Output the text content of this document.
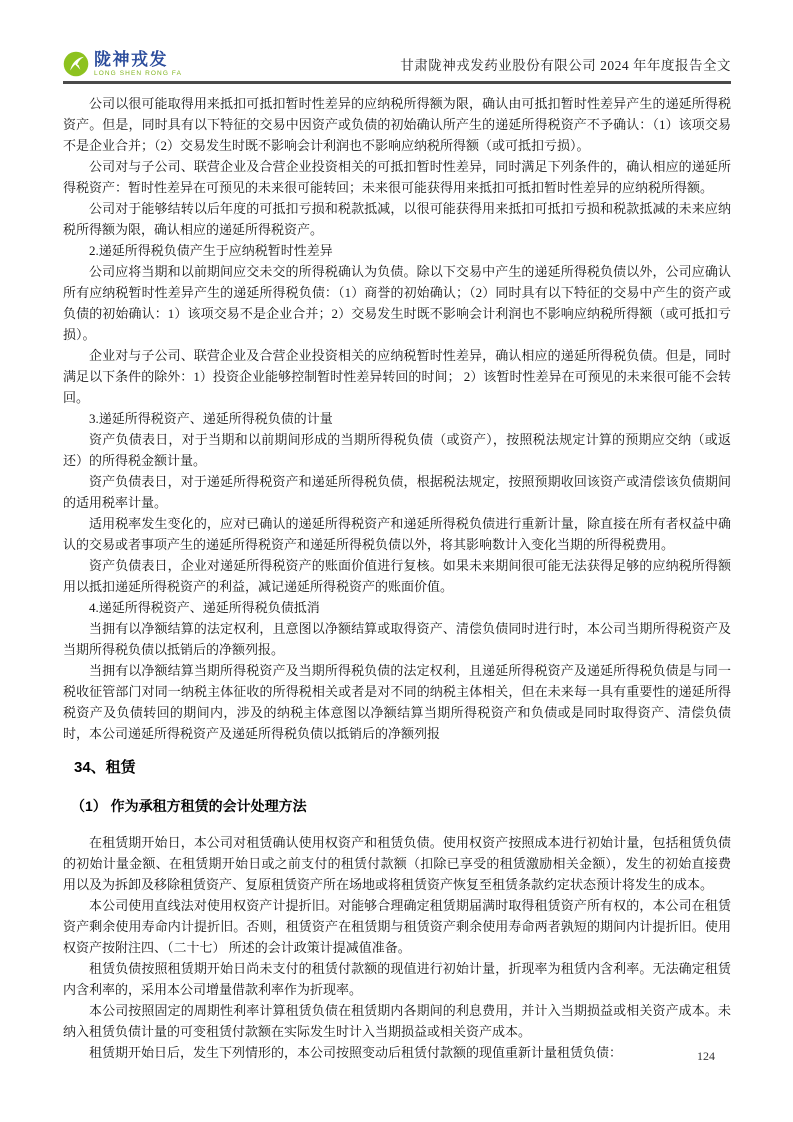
陇神戎发
LONG SHEN RONG FA	甘肃陇神戎发药业股份有限公司 2024 年年度报告全文

公司以很可能取得用来抵扣可抵扣暂时性差异的应纳税所得额为限，确认由可抵扣暂时性差异产生的递延所得税资产。但是，同时具有以下特征的交易中因资产或负债的初始确认所产生的递延所得税资产不予确认：（1）该项交易不是企业合并；（2）交易发生时既不影响会计利润也不影响应纳税所得额（或可抵扣亏损）。

公司对与子公司、联营企业及合营企业投资相关的可抵扣暂时性差异，同时满足下列条件的，确认相应的递延所得税资产：暂时性差异在可预见的未来很可能转回；未来很可能获得用来抵扣可抵扣暂时性差异的应纳税所得额。

公司对于能够结转以后年度的可抵扣亏损和税款抵减，以很可能获得用来抵扣可抵扣亏损和税款抵减的未来应纳税所得额为限，确认相应的递延所得税资产。

2.递延所得税负债产生于应纳税暂时性差异

公司应将当期和以前期间应交未交的所得税确认为负债。除以下交易中产生的递延所得税负债以外，公司应确认所有应纳税暂时性差异产生的递延所得税负债：（1）商誉的初始确认；（2）同时具有以下特征的交易中产生的资产或负债的初始确认：1）该项交易不是企业合并；2）交易发生时既不影响会计利润也不影响应纳税所得额（或可抵扣亏损）。

企业对与子公司、联营企业及合营企业投资相关的应纳税暂时性差异，确认相应的递延所得税负债。但是，同时满足以下条件的除外：1）投资企业能够控制暂时性差异转回的时间； 2）该暂时性差异在可预见的未来很可能不会转回。

3.递延所得税资产、递延所得税负债的计量

资产负债表日，对于当期和以前期间形成的当期所得税负债（或资产），按照税法规定计算的预期应交纳（或返还）的所得税金额计量。

资产负债表日，对于递延所得税资产和递延所得税负债，根据税法规定，按照预期收回该资产或清偿该负债期间的适用税率计量。

适用税率发生变化的，应对已确认的递延所得税资产和递延所得税负债进行重新计量，除直接在所有者权益中确认的交易或者事项产生的递延所得税资产和递延所得税负债以外，将其影响数计入变化当期的所得税费用。

资产负债表日，企业对递延所得税资产的账面价值进行复核。如果未来期间很可能无法获得足够的应纳税所得额用以抵扣递延所得税资产的利益，减记递延所得税资产的账面价值。

4.递延所得税资产、递延所得税负债抵消

当拥有以净额结算的法定权利，且意图以净额结算或取得资产、清偿负债同时进行时，本公司当期所得税资产及当期所得税负债以抵销后的净额列报。

当拥有以净额结算当期所得税资产及当期所得税负债的法定权利，且递延所得税资产及递延所得税负债是与同一税收征管部门对同一纳税主体征收的所得税相关或者是对不同的纳税主体相关，但在未来每一具有重要性的递延所得税资产及负债转回的期间内，涉及的纳税主体意图以净额结算当期所得税资产和负债或是同时取得资产、清偿负债时，本公司递延所得税资产及递延所得税负债以抵销后的净额列报

34、租赁
（1） 作为承租方租赁的会计处理方法

在租赁期开始日，本公司对租赁确认使用权资产和租赁负债。使用权资产按照成本进行初始计量，包括租赁负债的初始计量金额、在租赁期开始日或之前支付的租赁付款额（扣除已享受的租赁激励相关金额），发生的初始直接费用以及为拆卸及移除租赁资产、复原租赁资产所在场地或将租赁资产恢复至租赁条款约定状态预计将发生的成本。

本公司使用直线法对使用权资产计提折旧。对能够合理确定租赁期届满时取得租赁资产所有权的，本公司在租赁资产剩余使用寿命内计提折旧。否则，租赁资产在租赁期与租赁资产剩余使用寿命两者孰短的期间内计提折旧。使用权资产按附注四、（二十七） 所述的会计政策计提减值准备。

租赁负债按照租赁期开始日尚未支付的租赁付款额的现值进行初始计量，折现率为租赁内含利率。无法确定租赁内含利率的，采用本公司增量借款利率作为折现率。

本公司按照固定的周期性利率计算租赁负债在租赁期内各期间的利息费用，并计入当期损益或相关资产成本。未纳入租赁负债计量的可变租赁付款额在实际发生时计入当期损益或相关资产成本。

租赁期开始日后，发生下列情形的，本公司按照变动后租赁付款额的现值重新计量租赁负债：	124
